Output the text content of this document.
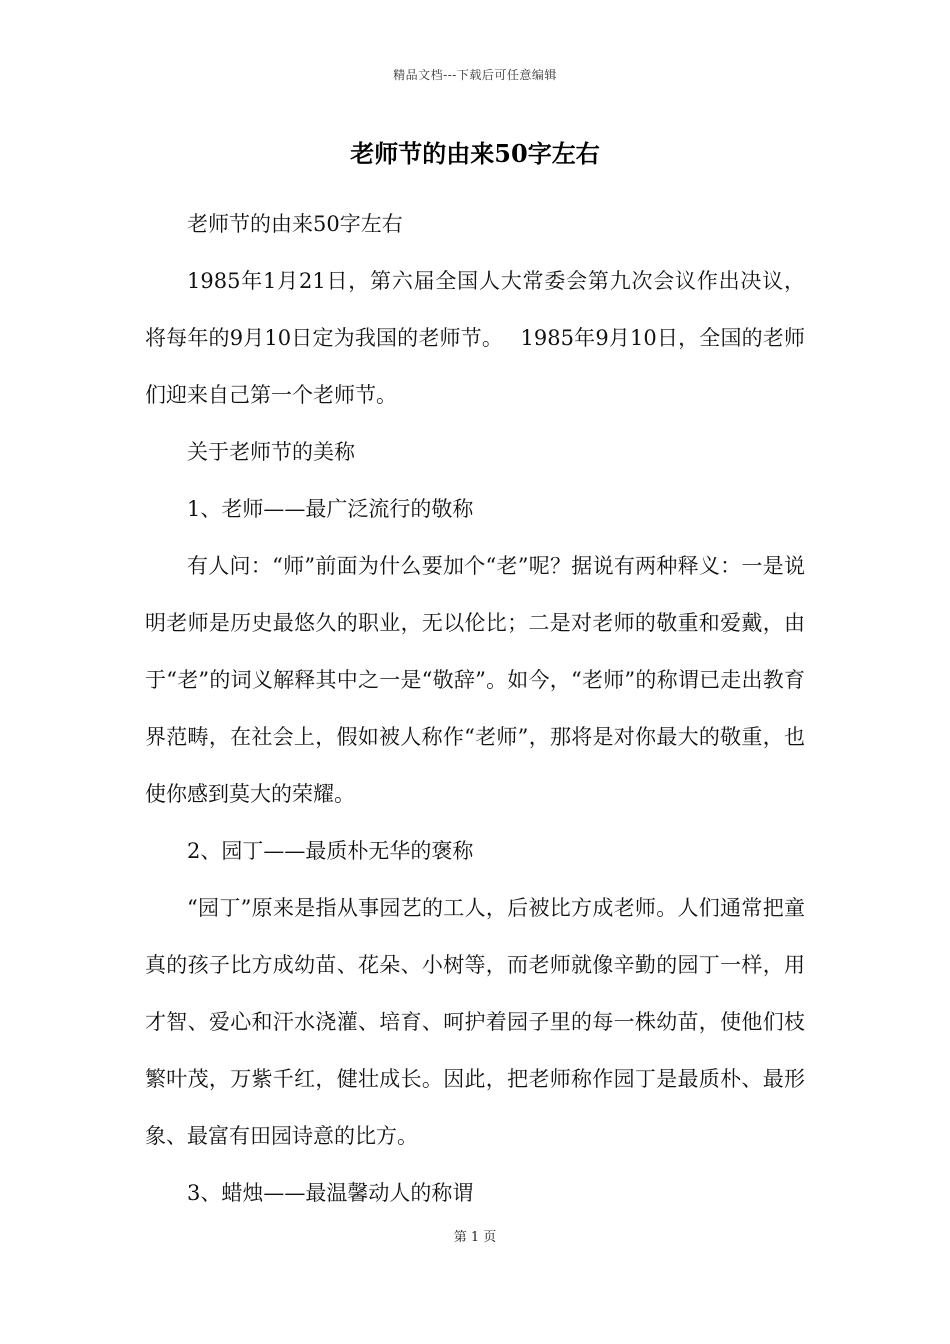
精品文档---下载后可任意编辑
老师节的由来50字左右

老师节的由来50字左右

1985年1月21日，第六届全国人大常委会第九次会议作出决议，将每年的9月10日定为我国的老师节。　 1985年9月10日，全国的老师们迎来自己第一个老师节。

关于老师节的美称

1、老师——最广泛流行的敬称

有人问：“师”前面为什么要加个“老”呢？据说有两种释义：一是说明老师是历史最悠久的职业，无以伦比；二是对老师的敬重和爱戴，由于“老”的词义解释其中之一是“敬辞”。如今，“老师”的称谓已走出教育界范畴，在社会上，假如被人称作“老师”，那将是对你最大的敬重，也使你感到莫大的荣耀。

2、园丁——最质朴无华的褒称

“园丁”原来是指从事园艺的工人，后被比方成老师。人们通常把童真的孩子比方成幼苗、花朵、小树等，而老师就像辛勤的园丁一样，用才智、爱心和汗水浇灌、培育、呵护着园子里的每一株幼苗，使他们枝繁叶茂，万紫千红，健壮成长。因此，把老师称作园丁是最质朴、最形象、最富有田园诗意的比方。

3、蜡烛——最温馨动人的称谓

第 1 页
